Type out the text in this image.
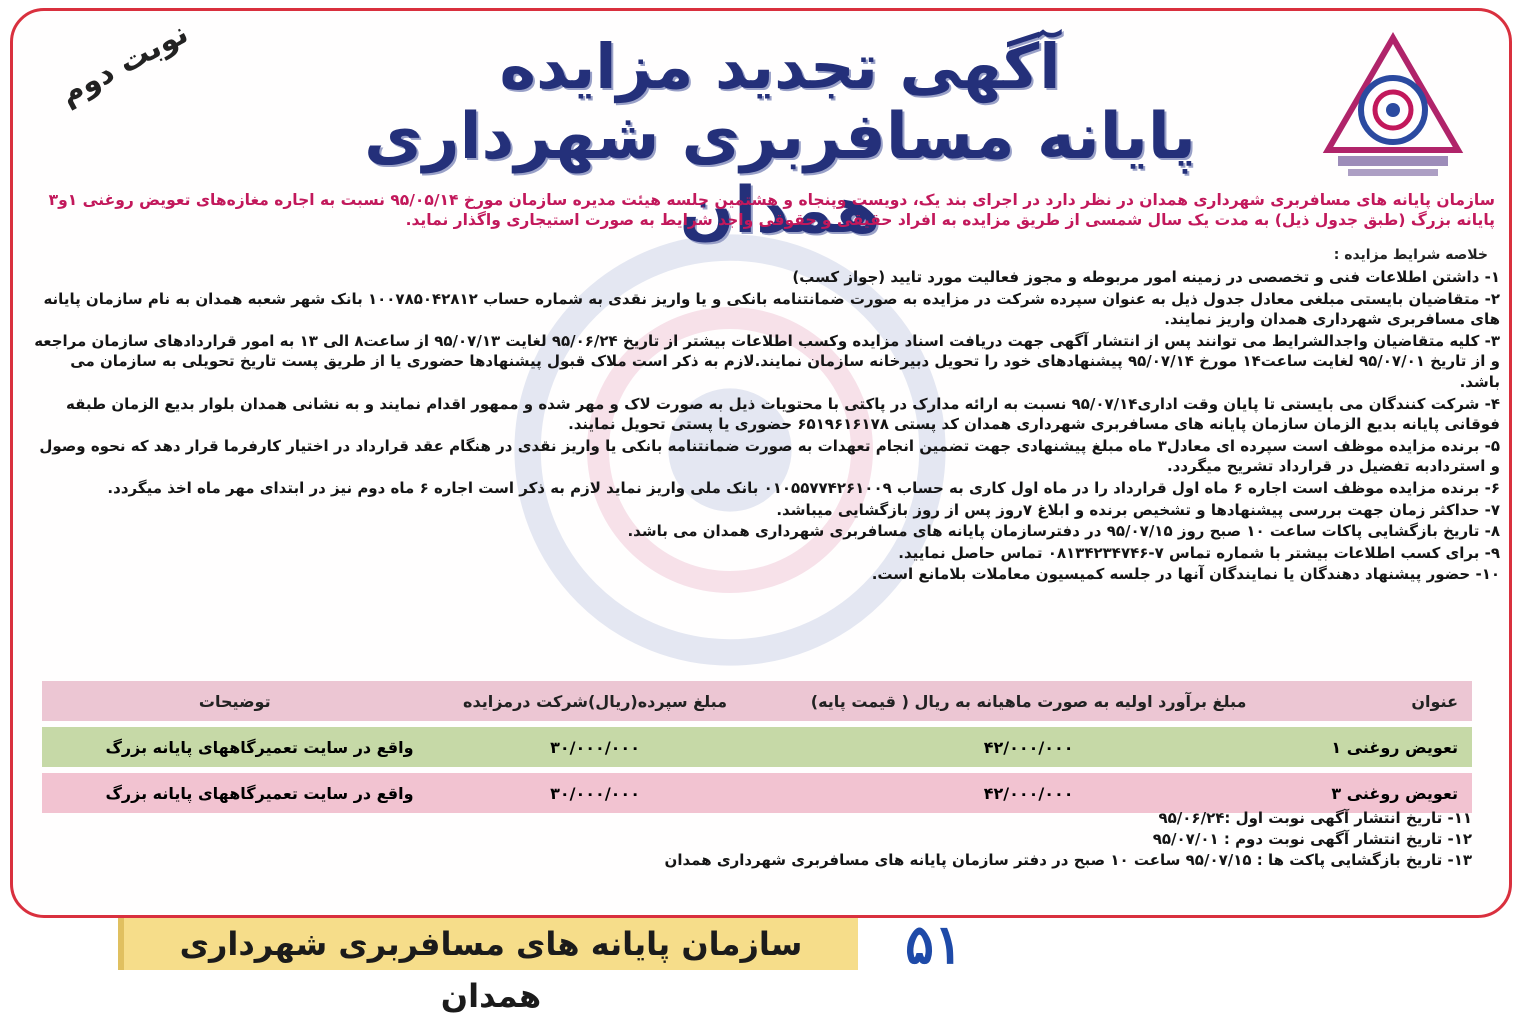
نوبت دوم	آگهی تجدید مزایده
پایانه مسافربری شهرداری همدان
سازمان پایانه های مسافربری شهرداری همدان در نظر دارد در اجرای بند یک، دویست وپنجاه و هشتمین جلسه هیئت مدیره سازمان مورخ ۹۵/۰۵/۱۴ نسبت به اجاره مغازه‌های تعویض روغنی ۱و۳ پایانه بزرگ (طبق جدول ذیل) به مدت یک سال شمسی از طریق مزایده به افراد حقیقی و حقوقی واجد شرایط به صورت استیجاری واگذار نماید.
خلاصه شرایط مزایده :

۱- داشتن اطلاعات فنی و تخصصی در زمینه امور مربوطه و مجوز فعالیت مورد تایید (جواز کسب)

۲- متقاضیان بایستی مبلغی معادل جدول ذیل به عنوان سپرده شرکت در مزایده به صورت ضمانتنامه بانکی و یا واریز نقدی به شماره حساب ۱۰۰۷۸۵۰۴۲۸۱۲ بانک شهر شعبه همدان به نام سازمان پایانه های مسافربری شهرداری همدان واریز نمایند.

۳- کلیه متقاضیان واجدالشرایط می توانند پس از انتشار آگهی جهت دریافت اسناد مزایده وکسب اطلاعات بیشتر از تاریخ ۹۵/۰۶/۲۴ لغایت ۹۵/۰۷/۱۳ از ساعت۸ الی ۱۳ به امور قراردادهای سازمان مراجعه و از تاریخ ۹۵/۰۷/۰۱ لغایت ساعت۱۴ مورخ ۹۵/۰۷/۱۴ پیشنهادهای خود را تحویل دبیرخانه سازمان نمایند.لازم به ذکر است ملاک قبول پیشنهادها حضوری یا از طریق پست تاریخ تحویلی به سازمان می باشد.

۴- شرکت کنندگان می بایستی تا پایان وقت اداری۹۵/۰۷/۱۴ نسبت به ارائه مدارک در پاکتی با محتویات ذیل به صورت لاک و مهر شده و ممهور اقدام نمایند و به نشانی همدان بلوار بدیع الزمان طبقه فوقانی پایانه بدیع الزمان سازمان پایانه های مسافربری شهرداری همدان کد پستی ۶۵۱۹۶۱۶۱۷۸ حضوری یا پستی تحویل نمایند.

۵- برنده مزایده موظف است سپرده ای معادل۳ ماه مبلغ پیشنهادی جهت تضمین انجام تعهدات به صورت ضمانتنامه بانکی یا واریز نقدی در هنگام عقد قرارداد در اختیار کارفرما قرار دهد که نحوه وصول و استردادبه تفضیل در قرارداد تشریح میگردد.

۶- برنده مزایده موظف است اجاره ۶ ماه اول قرارداد را در ماه اول کاری به حساب ۰۱۰۵۵۷۷۴۲۶۱۰۰۹ بانک ملی واریز نماید لازم به ذکر است اجاره ۶ ماه دوم نیز در ابتدای مهر ماه اخذ میگردد.

۷- حداکثر زمان جهت بررسی پیشنهادها و تشخیص برنده و ابلاغ ۷روز پس از روز بازگشایی میباشد.

۸- تاریخ بازگشایی پاکات ساعت ۱۰ صبح روز ۹۵/۰۷/۱۵ در دفترسازمان پایانه های مسافربری شهرداری همدان می باشد.

۹- برای کسب اطلاعات بیشتر با شماره تماس ۷-۰۸۱۳۴۲۳۴۷۴۶ تماس حاصل نمایید.

۱۰- حضور پیشنهاد دهندگان یا نمایندگان آنها در جلسه کمیسیون معاملات بلامانع است.

عنوان	مبلغ برآورد اولیه به صورت ماهیانه به ریال ( قیمت پایه)	مبلغ سپرده(ریال)شرکت درمزایده	توضیحات
تعویض روغنی ۱	۴۲/۰۰۰/۰۰۰	۳۰/۰۰۰/۰۰۰	واقع در سایت تعمیرگاههای پایانه بزرگ
تعویض روغنی ۳	۴۲/۰۰۰/۰۰۰	۳۰/۰۰۰/۰۰۰	واقع در سایت تعمیرگاههای پایانه بزرگ

۱۱- تاریخ انتشار آگهی نوبت اول :۹۵/۰۶/۲۴

۱۲- تاریخ انتشار آگهی نوبت دوم : ۹۵/۰۷/۰۱

۱۳- تاریخ بازگشایی پاکت ها : ۹۵/۰۷/۱۵ ساعت ۱۰ صبح در دفتر سازمان پایانه های مسافربری شهرداری همدان

سازمان پایانه های مسافربری شهرداری همدان
۵۱
